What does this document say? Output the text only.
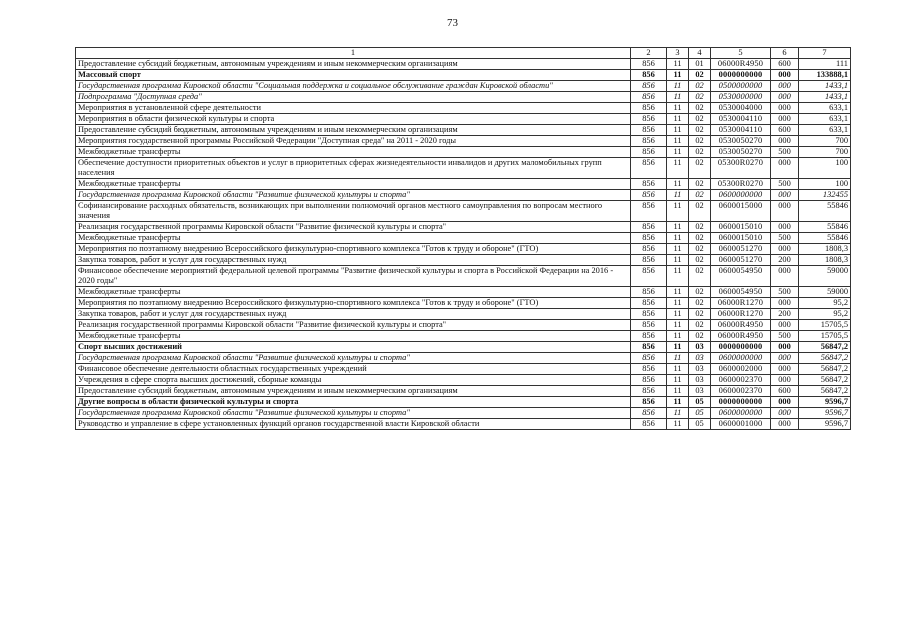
73
1	2	3	4	5	6	7
Предоставление субсидий бюджетным, автономным учреждениям и иным некоммерческим организациям	856	11	01	06000R4950	600	111
Массовый спорт	856	11	02	0000000000	000	133888,1
Государственная программа Кировской области "Социальная поддержка и социальное обслуживание граждан Кировской области"	856	11	02	0500000000	000	1433,1
Подпрограмма "Доступная среда"	856	11	02	0530000000	000	1433,1
Мероприятия в установленной сфере деятельности	856	11	02	0530004000	000	633,1
Мероприятия в области физической культуры и спорта	856	11	02	0530004110	000	633,1
Предоставление субсидий бюджетным, автономным учреждениям и иным некоммерческим организациям	856	11	02	0530004110	600	633,1
Мероприятия государственной программы Российской Федерации "Доступная среда" на 2011 - 2020 годы	856	11	02	0530050270	000	700
Межбюджетные трансферты	856	11	02	0530050270	500	700
Обеспечение доступности приоритетных объектов и услуг в приоритетных сферах жизнедеятельности инвалидов и других маломобильных групп населения	856	11	02	05300R0270	000	100
Межбюджетные трансферты	856	11	02	05300R0270	500	100
Государственная программа Кировской области "Развитие физической культуры и спорта"	856	11	02	0600000000	000	132455
Софинансирование расходных обязательств, возникающих при выполнении полномочий органов местного самоуправления по вопросам местного значения	856	11	02	0600015000	000	55846
Реализация государственной программы Кировской области "Развитие физической культуры и спорта"	856	11	02	0600015010	000	55846
Межбюджетные трансферты	856	11	02	0600015010	500	55846
Мероприятия по поэтапному внедрению Всероссийского физкультурно-спортивного комплекса "Готов к труду и обороне" (ГТО)	856	11	02	0600051270	000	1808,3
Закупка товаров, работ и услуг для государственных нужд	856	11	02	0600051270	200	1808,3
Финансовое обеспечение мероприятий федеральной целевой программы "Развитие физической культуры и спорта в Российской Федерации на 2016 - 2020 годы"	856	11	02	0600054950	000	59000
Межбюджетные трансферты	856	11	02	0600054950	500	59000
Мероприятия по поэтапному внедрению Всероссийского физкультурно-спортивного комплекса "Готов к труду и обороне" (ГТО)	856	11	02	06000R1270	000	95,2
Закупка товаров, работ и услуг для государственных нужд	856	11	02	06000R1270	200	95,2
Реализация государственной программы Кировской области "Развитие физической культуры и спорта"	856	11	02	06000R4950	000	15705,5
Межбюджетные трансферты	856	11	02	06000R4950	500	15705,5
Спорт высших достижений	856	11	03	0000000000	000	56847,2
Государственная программа Кировской области "Развитие физической культуры и спорта"	856	11	03	0600000000	000	56847,2
Финансовое обеспечение деятельности областных государственных учреждений	856	11	03	0600002000	000	56847,2
Учреждения в сфере спорта высших достижений, сборные команды	856	11	03	0600002370	000	56847,2
Предоставление субсидий бюджетным, автономным учреждениям и иным некоммерческим организациям	856	11	03	0600002370	600	56847,2
Другие вопросы в области физической культуры и спорта	856	11	05	0000000000	000	9596,7
Государственная программа Кировской области "Развитие физической культуры и спорта"	856	11	05	0600000000	000	9596,7
Руководство и управление в сфере установленных функций органов государственной власти Кировской области	856	11	05	0600001000	000	9596,7
